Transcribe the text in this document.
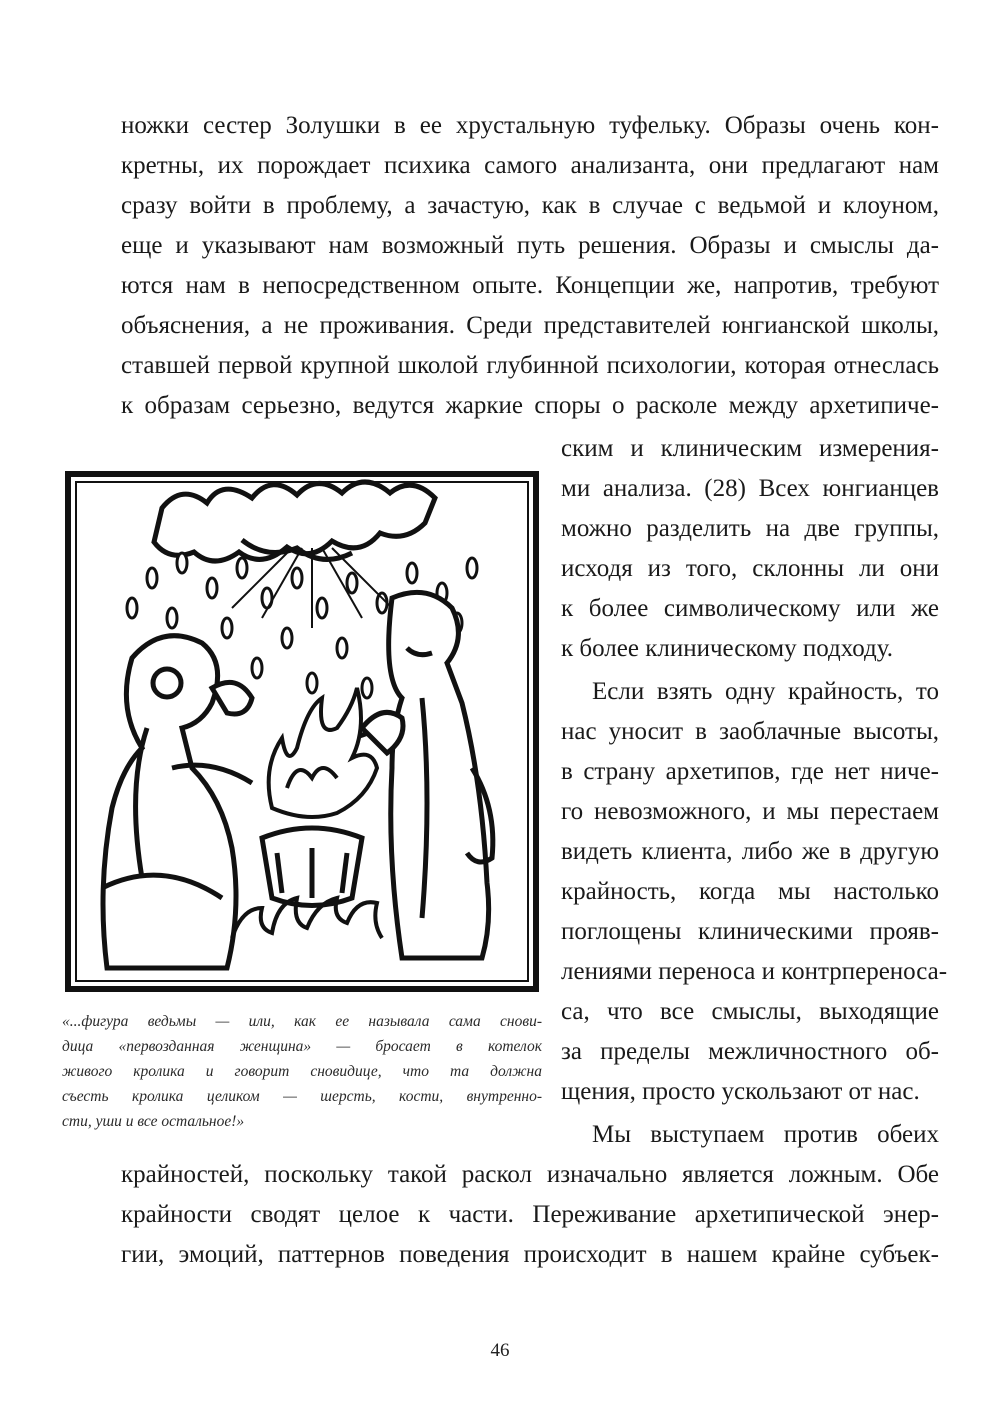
ножки сестер Золушки в ее хрустальную туфельку. Образы очень кон-
кретны, их порождает психика самого анализанта, они предлагают нам
сразу войти в проблему, а зачастую, как в случае с ведьмой и клоуном,
еще и указывают нам возможный путь решения. Образы и смыслы да-
ются нам в непосредственном опыте. Концепции же, напротив, требуют
объяснения, а не проживания. Среди представителей юнгианской школы,
ставшей первой крупной школой глубинной психологии, которая отнеслась
к образам серьезно, ведутся жаркие споры о расколе между архетипиче-
ским и клиническим измерения-
ми анализа. (28) Всех юнгианцев
можно разделить на две группы,
исходя из того, склонны ли они
к более символическому или же
к более клиническому подходу.
Если взять одну крайность, то
нас уносит в заоблачные высоты,
в страну архетипов, где нет ниче-
го невозможного, и мы перестаем
видеть клиента, либо же в другую
крайность, когда мы настолько
поглощены клиническими прояв-
лениями переноса и контрпереноса-
са, что все смыслы, выходящие
за пределы межличностного об-
щения, просто ускользают от нас.
Мы выступаем против обеих
крайностей, поскольку такой раскол изначально является ложным. Обе
крайности сводят целое к части. Переживание архетипической энер-
гии, эмоций, паттернов поведения происходит в нашем крайне субъек-
«...фигура ведьмы — или, как ее называла сама снови-
дица «первозданная женщина» — бросает в котелок
живого кролика и говорит сновидице, что та должна
съесть кролика целиком — шерсть, кости, внутренно-
сти, уши и все остальное!»
46
